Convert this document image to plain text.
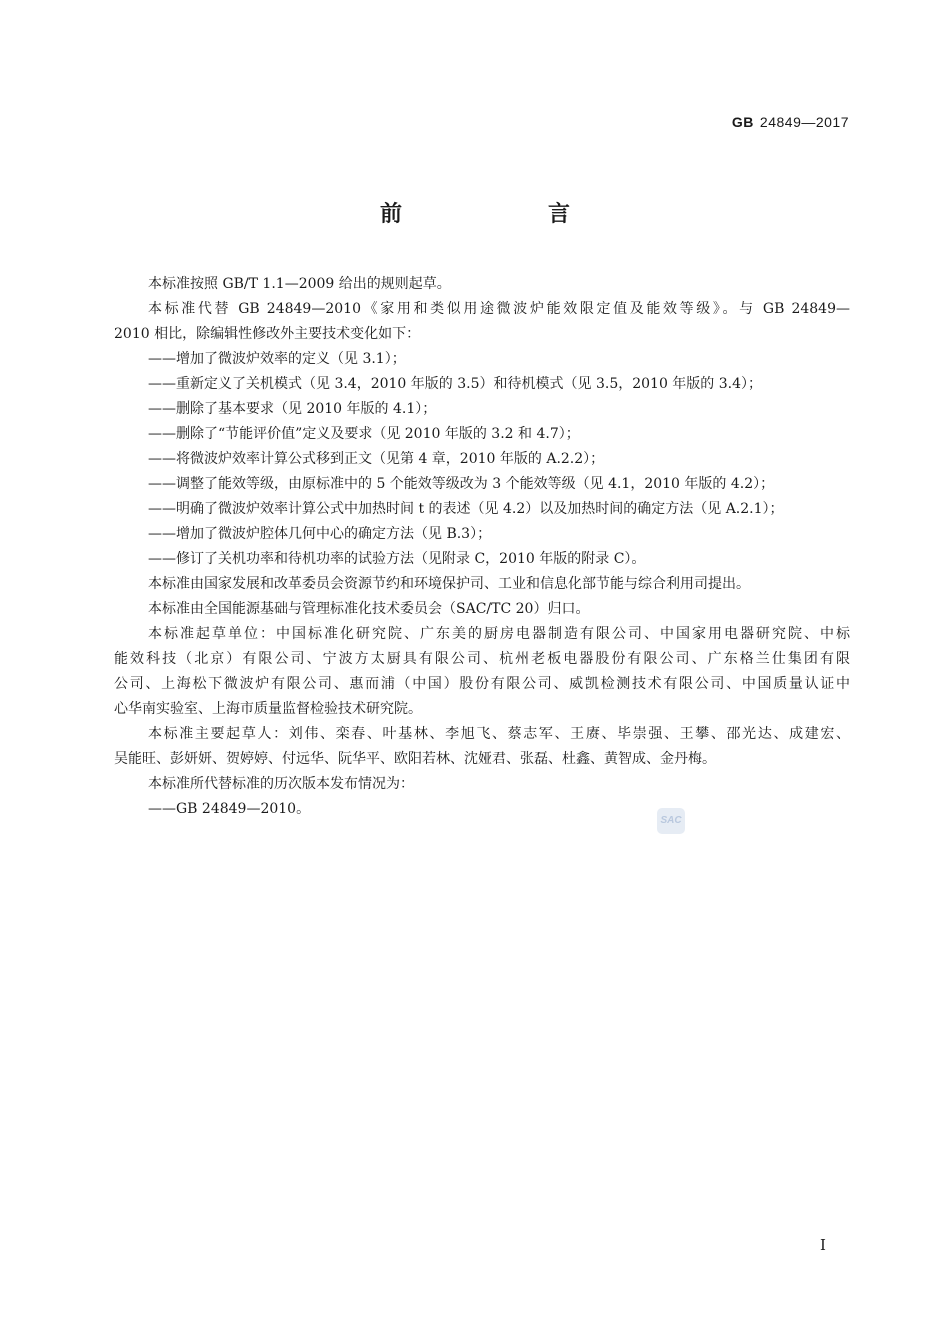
GB 24849—2017
前　言

本标准按照 GB/T 1.1—2009 给出的规则起草。

本标准代替 GB 24849—2010《家用和类似用途微波炉能效限定值及能效等级》。与 GB 24849—

2010 相比，除编辑性修改外主要技术变化如下：

——增加了微波炉效率的定义（见 3.1）；

——重新定义了关机模式（见 3.4，2010 年版的 3.5）和待机模式（见 3.5，2010 年版的 3.4）；

——删除了基本要求（见 2010 年版的 4.1）；

——删除了“节能评价值”定义及要求（见 2010 年版的 3.2 和 4.7）；

——将微波炉效率计算公式移到正文（见第 4 章，2010 年版的 A.2.2）；

——调整了能效等级，由原标准中的 5 个能效等级改为 3 个能效等级（见 4.1，2010 年版的 4.2）；

——明确了微波炉效率计算公式中加热时间 t 的表述（见 4.2）以及加热时间的确定方法（见 A.2.1）；

——增加了微波炉腔体几何中心的确定方法（见 B.3）；

——修订了关机功率和待机功率的试验方法（见附录 C，2010 年版的附录 C）。

本标准由国家发展和改革委员会资源节约和环境保护司、工业和信息化部节能与综合利用司提出。

本标准由全国能源基础与管理标准化技术委员会（SAC/TC 20）归口。

本标准起草单位：中国标准化研究院、广东美的厨房电器制造有限公司、中国家用电器研究院、中标

能效科技（北京）有限公司、宁波方太厨具有限公司、杭州老板电器股份有限公司、广东格兰仕集团有限

公司、上海松下微波炉有限公司、惠而浦（中国）股份有限公司、威凯检测技术有限公司、中国质量认证中

心华南实验室、上海市质量监督检验技术研究院。

本标准主要起草人：刘伟、栾春、叶基林、李旭飞、蔡志军、王赓、毕崇强、王攀、邵光达、成建宏、

吴能旺、彭妍妍、贺婷婷、付远华、阮华平、欧阳若林、沈娅君、张磊、杜鑫、黄智成、金丹梅。

本标准所代替标准的历次版本发布情况为：

——GB 24849—2010。

SAC
I
